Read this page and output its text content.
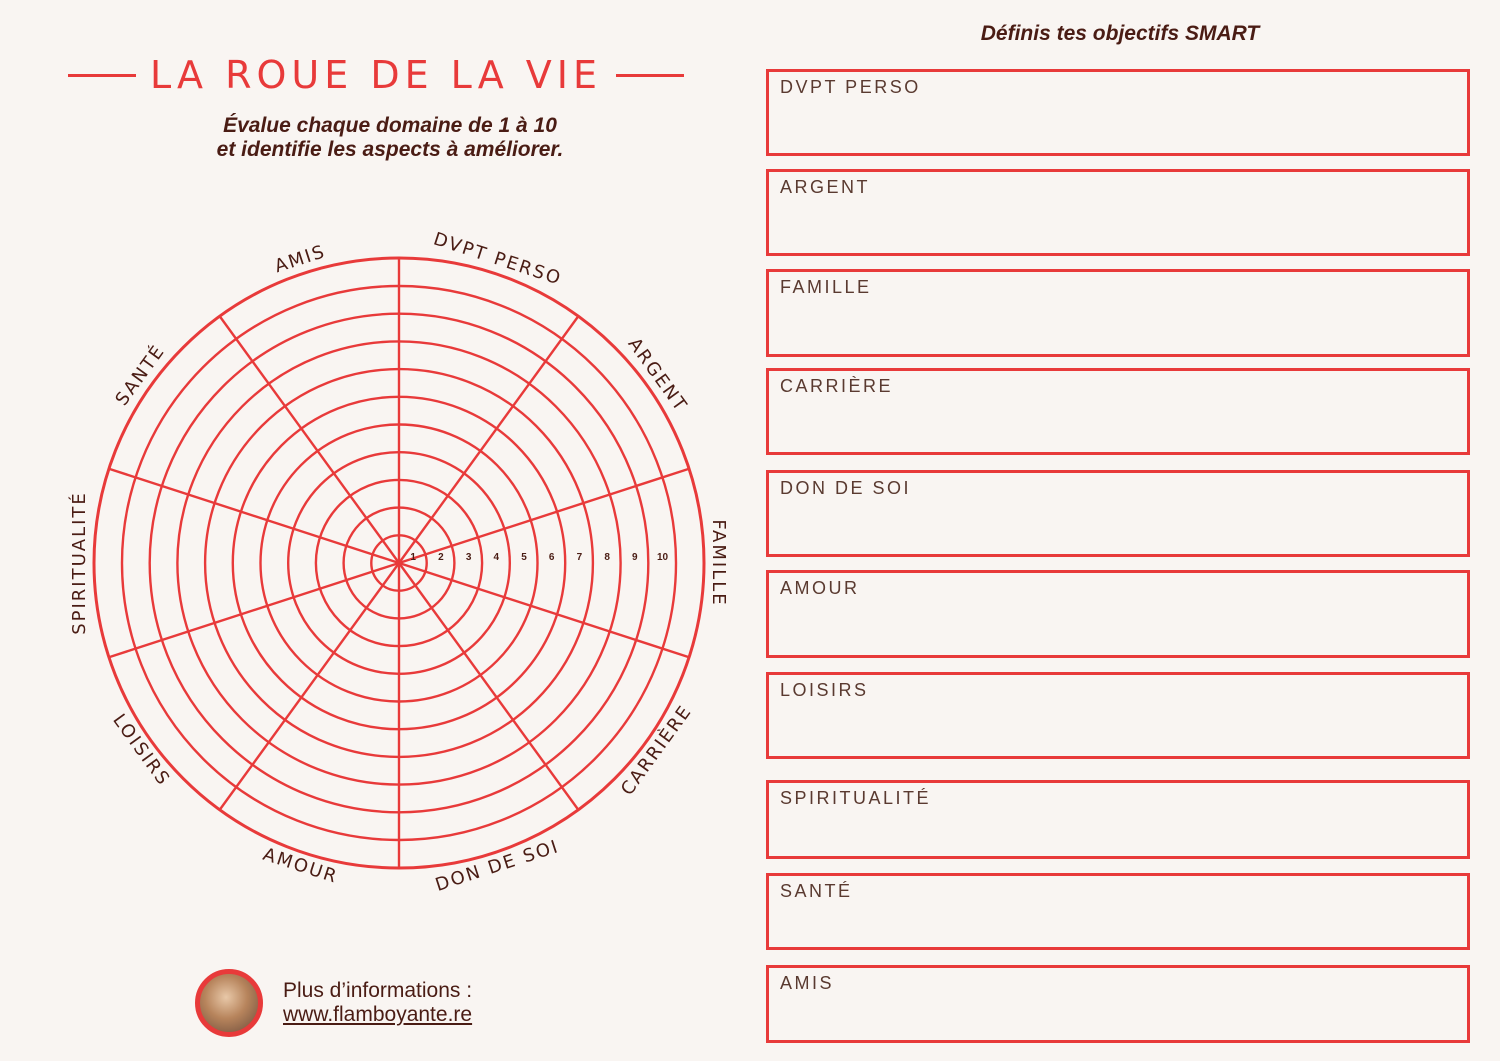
LA ROUE DE LA VIE
Évalue chaque domaine de 1 à 10
et identifie les aspects à améliorer.
1 2 3 4 5 6 7 8 9 10
AMIS	DVPT PERSO
ARGENT
FAMILLE
CARRIÈRE
DON DE SOI
AMOUR
LOISIRS
SPIRITUALITÉ
SANTÉ
Plus d’informations :
www.flamboyante.re
Définis tes objectifs SMART
DVPT PERSO
ARGENT
FAMILLE
CARRIÈRE
DON DE SOI
AMOUR
LOISIRS
SPIRITUALITÉ
SANTÉ
AMIS
